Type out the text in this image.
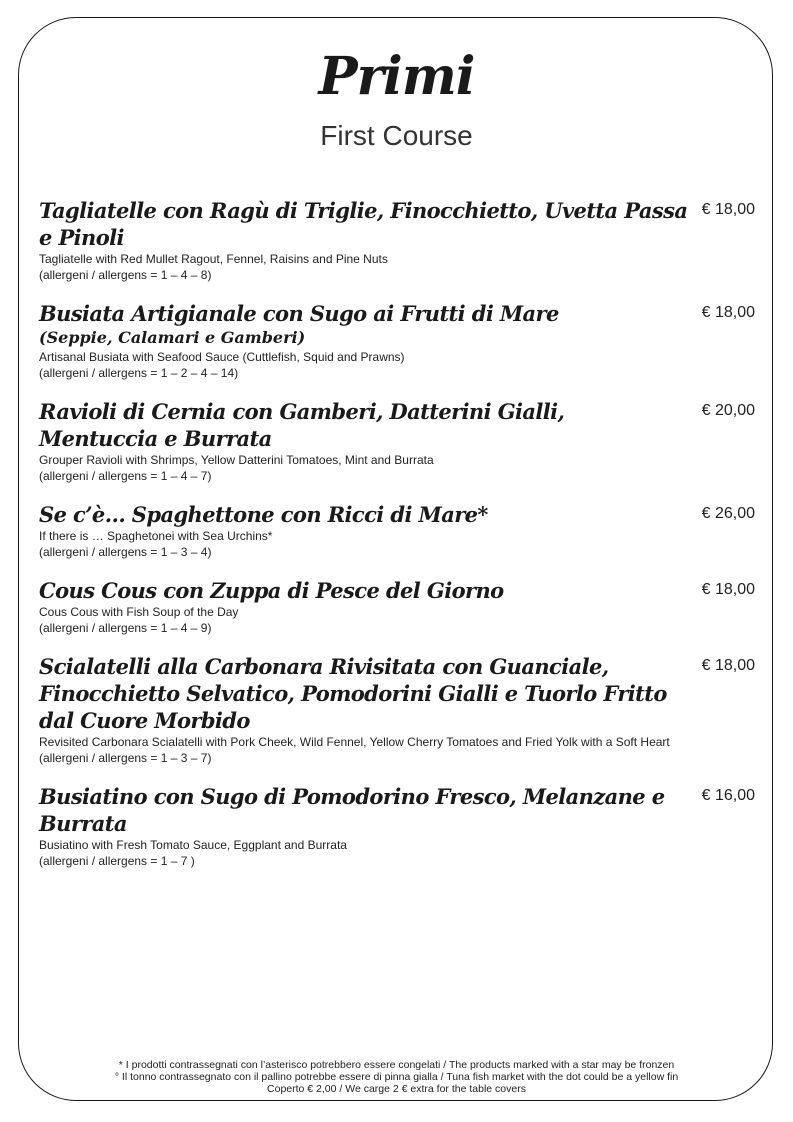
Primi
First Course
Tagliatelle con Ragù di Triglie, Finocchietto, Uvetta Passa e Pinoli
€ 18,00
Tagliatelle with Red Mullet Ragout, Fennel, Raisins and Pine Nuts
(allergeni / allergens = 1 – 4 – 8)
Busiata Artigianale con Sugo ai Frutti di Mare
(Seppie, Calamari e Gamberi)
€ 18,00
Artisanal Busiata with Seafood Sauce (Cuttlefish, Squid and Prawns)
(allergeni / allergens = 1 – 2 – 4 – 14)
Ravioli di Cernia con Gamberi, Datterini Gialli, Mentuccia e Burrata
€ 20,00
Grouper Ravioli with Shrimps, Yellow Datterini Tomatoes, Mint and Burrata
(allergeni / allergens = 1 – 4 – 7)
Se c’è… Spaghettone con Ricci di Mare*	€ 26,00
If there is … Spaghetonei with Sea Urchins*
(allergeni / allergens = 1 – 3 – 4)
Cous Cous con Zuppa di Pesce del Giorno	€ 18,00
Cous Cous with Fish Soup of the Day
(allergeni / allergens = 1 – 4 – 9)
Scialatelli alla Carbonara Rivisitata con Guanciale, Finocchietto Selvatico, Pomodorini Gialli e Tuorlo Fritto dal Cuore Morbido
€ 18,00
Revisited Carbonara Scialatelli with Pork Cheek, Wild Fennel, Yellow Cherry Tomatoes and Fried Yolk with a Soft Heart
(allergeni / allergens = 1 – 3 – 7)
Busiatino con Sugo di Pomodorino Fresco, Melanzane e Burrata
€ 16,00
Busiatino with Fresh Tomato Sauce, Eggplant and Burrata
(allergeni / allergens = 1 – 7 )
* I prodotti contrassegnati con l’asterisco potrebbero essere congelati / The products marked with a star may be fronzen
° Il tonno contrassegnato con il pallino potrebbe essere di pinna gialla / Tuna fish market with the dot could be a yellow fin
Coperto € 2,00 / We carge 2 € extra for the table covers
